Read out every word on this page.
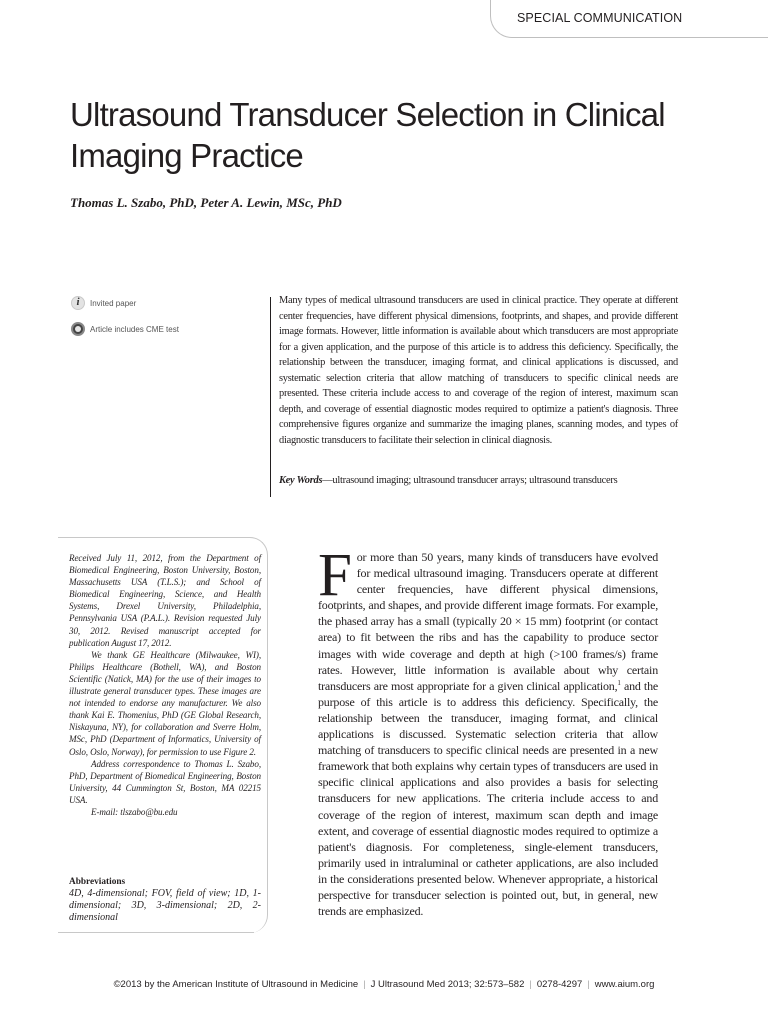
SPECIAL COMMUNICATION
Ultrasound Transducer Selection in Clinical Imaging Practice
Thomas L. Szabo, PhD, Peter A. Lewin, MSc, PhD
i
Invited paper
Article includes CME test

Many types of medical ultrasound transducers are used in clinical practice. They operate at different center frequencies, have different physical dimensions, footprints, and shapes, and provide different image formats. However, little information is available about which transducers are most appropriate for a given application, and the purpose of this article is to address this deficiency. Specifically, the relationship between the transducer, imaging format, and clinical applications is discussed, and systematic selection criteria that allow matching of transducers to specific clinical needs are presented. These criteria include access to and coverage of the region of interest, maximum scan depth, and coverage of essential diagnostic modes required to optimize a patient's diagnosis. Three comprehensive figures organize and summarize the imaging planes, scanning modes, and types of diagnostic transducers to facilitate their selection in clinical diagnosis.

Key Words—ultrasound imaging; ultrasound transducer arrays; ultrasound transducers

Received July 11, 2012, from the Department of Biomedical Engineering, Boston University, Boston, Massachusetts USA (T.L.S.); and School of Biomedical Engineering, Science, and Health Systems, Drexel University, Philadelphia, Pennsylvania USA (P.A.L.). Revision requested July 30, 2012. Revised manuscript accepted for publication August 17, 2012.

We thank GE Healthcare (Milwaukee, WI), Philips Healthcare (Bothell, WA), and Boston Scientific (Natick, MA) for the use of their images to illustrate general transducer types. These images are not intended to endorse any manufacturer. We also thank Kai E. Thomenius, PhD (GE Global Research, Niskayuna, NY), for collaboration and Sverre Holm, MSc, PhD (Department of Informatics, University of Oslo, Oslo, Norway), for permission to use Figure 2.

Address correspondence to Thomas L. Szabo, PhD, Department of Biomedical Engineering, Boston University, 44 Cummington St, Boston, MA 02215 USA.

E-mail: tlszabo@bu.edu

Abbreviations

4D, 4-dimensional; FOV, field of view; 1D, 1-dimensional; 3D, 3-dimensional; 2D, 2-dimensional

For more than 50 years, many kinds of transducers have evolved for medical ultrasound imaging. Transducers operate at different center frequencies, have different physical dimensions, footprints, and shapes, and provide different image formats. For example, the phased array has a small (typically 20 × 15 mm) footprint (or contact area) to fit between the ribs and has the capability to produce sector images with wide coverage and depth at high (>100 frames/s) frame rates. However, little information is available about why certain transducers are most appropriate for a given clinical application,$^1$ and the purpose of this article is to address this deficiency. Specifically, the relationship between the transducer, imaging format, and clinical applications is discussed. Systematic selection criteria that allow matching of transducers to specific clinical needs are presented in a new framework that both explains why certain types of transducers are used in specific clinical applications and also provides a basis for selecting transducers for new applications. The criteria include access to and coverage of the region of interest, maximum scan depth and image extent, and coverage of essential diagnostic modes required to optimize a patient's diagnosis. For completeness, single-element transducers, primarily used in intraluminal or catheter applications, are also included in the considerations presented below. Whenever appropriate, a historical perspective for transducer selection is pointed out, but, in general, new trends are emphasized.

©2013 by the American Institute of Ultrasound in Medicine | J Ultrasound Med 2013; 32:573–582 | 0278-4297 | www.aium.org
